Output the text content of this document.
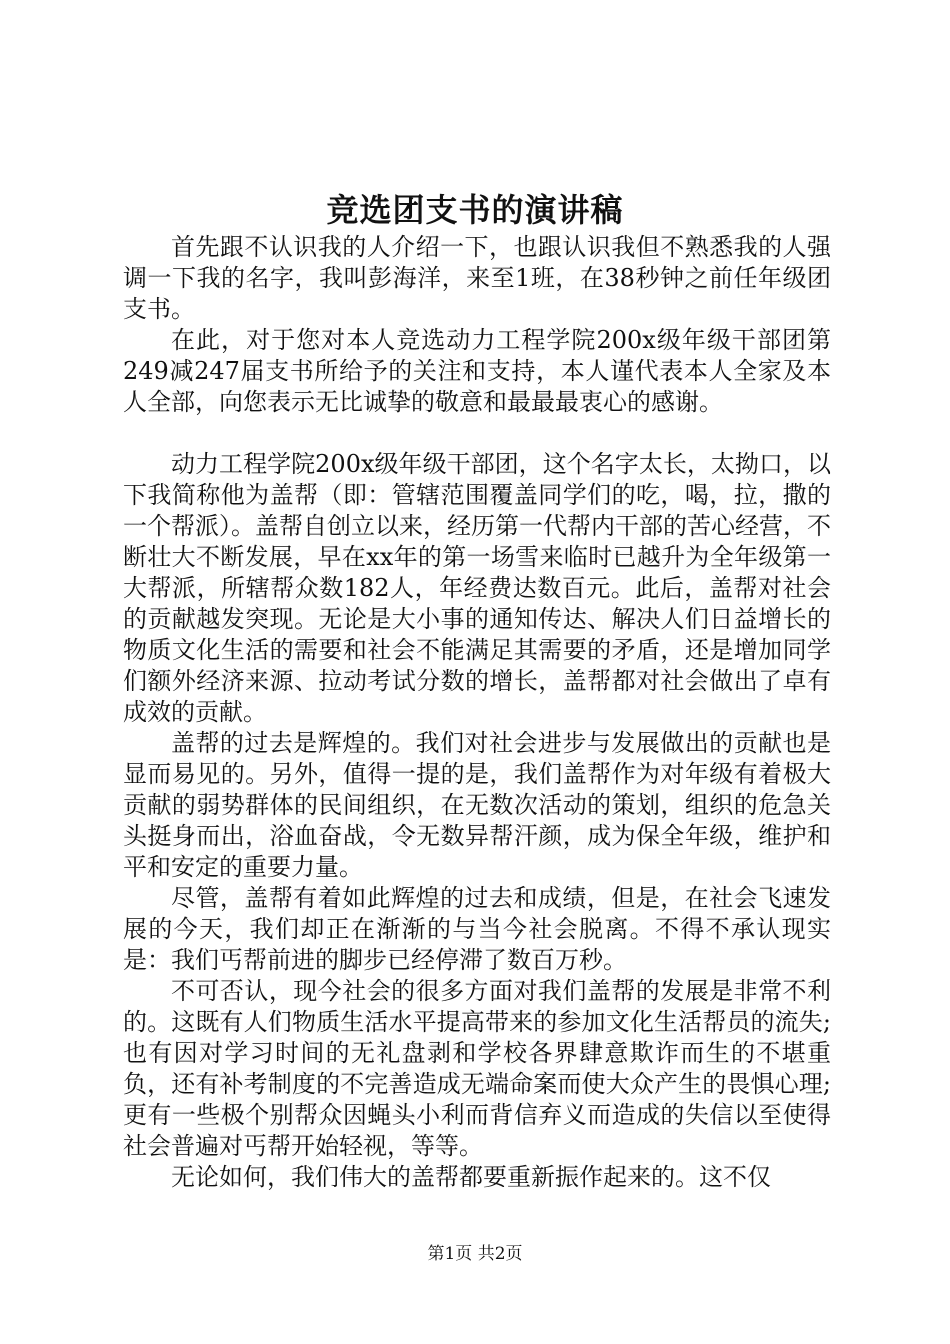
竞选团支书的演讲稿

首先跟不认识我的人介绍一下，也跟认识我但不熟悉我的人强调一下我的名字，我叫彭海洋，来至1班，在38秒钟之前任年级团支书。

在此，对于您对本人竞选动力工程学院200x级年级干部团第249减247届支书所给予的关注和支持，本人谨代表本人全家及本人全部，向您表示无比诚挚的敬意和最最最衷心的感谢。

动力工程学院200x级年级干部团，这个名字太长，太拗口，以下我简称他为盖帮（即：管辖范围覆盖同学们的吃，喝，拉，撒的一个帮派）。盖帮自创立以来，经历第一代帮内干部的苦心经营，不断壮大不断发展，早在xx年的第一场雪来临时已越升为全年级第一大帮派，所辖帮众数182人，年经费达数百元。此后，盖帮对社会的贡献越发突现。无论是大小事的通知传达、解决人们日益增长的物质文化生活的需要和社会不能满足其需要的矛盾，还是增加同学们额外经济来源、拉动考试分数的增长，盖帮都对社会做出了卓有成效的贡献。

盖帮的过去是辉煌的。我们对社会进步与发展做出的贡献也是显而易见的。另外，值得一提的是，我们盖帮作为对年级有着极大贡献的弱势群体的民间组织，在无数次活动的策划，组织的危急关头挺身而出，浴血奋战，令无数异帮汗颜，成为保全年级，维护和平和安定的重要力量。

尽管，盖帮有着如此辉煌的过去和成绩，但是，在社会飞速发展的今天，我们却正在渐渐的与当今社会脱离。不得不承认现实是：我们丐帮前进的脚步已经停滞了数百万秒。

不可否认，现今社会的很多方面对我们盖帮的发展是非常不利的。这既有人们物质生活水平提高带来的参加文化生活帮员的流失;也有因对学习时间的无礼盘剥和学校各界肆意欺诈而生的不堪重负，还有补考制度的不完善造成无端命案而使大众产生的畏惧心理;更有一些极个别帮众因蝇头小利而背信弃义而造成的失信以至使得社会普遍对丐帮开始轻视，等等。

无论如何，我们伟大的盖帮都要重新振作起来的。这不仅

第1页 共2页
